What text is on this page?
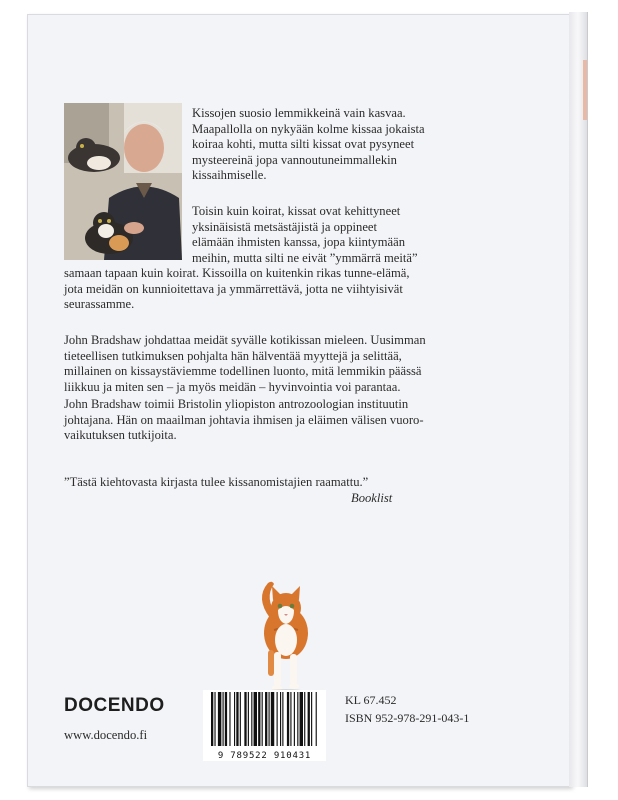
Kissojen suosio lemmikkeinä vain kasvaa.
Maapallolla on nykyään kolme kissaa jokaista
koiraa kohti, mutta silti kissat ovat pysyneet
mysteereinä jopa vannoutuneimmallekin
kissaihmiselle.
Toisin kuin koirat, kissat ovat kehittyneet
yksinäisistä metsästäjistä ja oppineet
elämään ihmisten kanssa, jopa kiintymään
meihin, mutta silti ne eivät ”ymmärrä meitä”
samaan tapaan kuin koirat. Kissoilla on kuitenkin rikas tunne-elämä,
jota meidän on kunnioitettava ja ymmärrettävä, jotta ne viihtyisivät
seurassamme.
John Bradshaw johdattaa meidät syvälle kotikissan mieleen. Uusimman
tieteellisen tutkimuksen pohjalta hän hälventää myyttejä ja selittää,
millainen on kissaystäviemme todellinen luonto, mitä lemmikin päässä
liikkuu ja miten sen – ja myös meidän – hyvinvointia voi parantaa.
John Bradshaw toimii Bristolin yliopiston antrozoologian instituutin
johtajana. Hän on maailman johtavia ihmisen ja eläimen välisen vuoro-
vaikutuksen tutkijoita.
”Tästä kiehtovasta kirjasta tulee kissanomistajien raamattu.”
Booklist
DOCENDO
www.docendo.fi
9 789522 910431
KL 67.452
ISBN 952-978-291-043-1
